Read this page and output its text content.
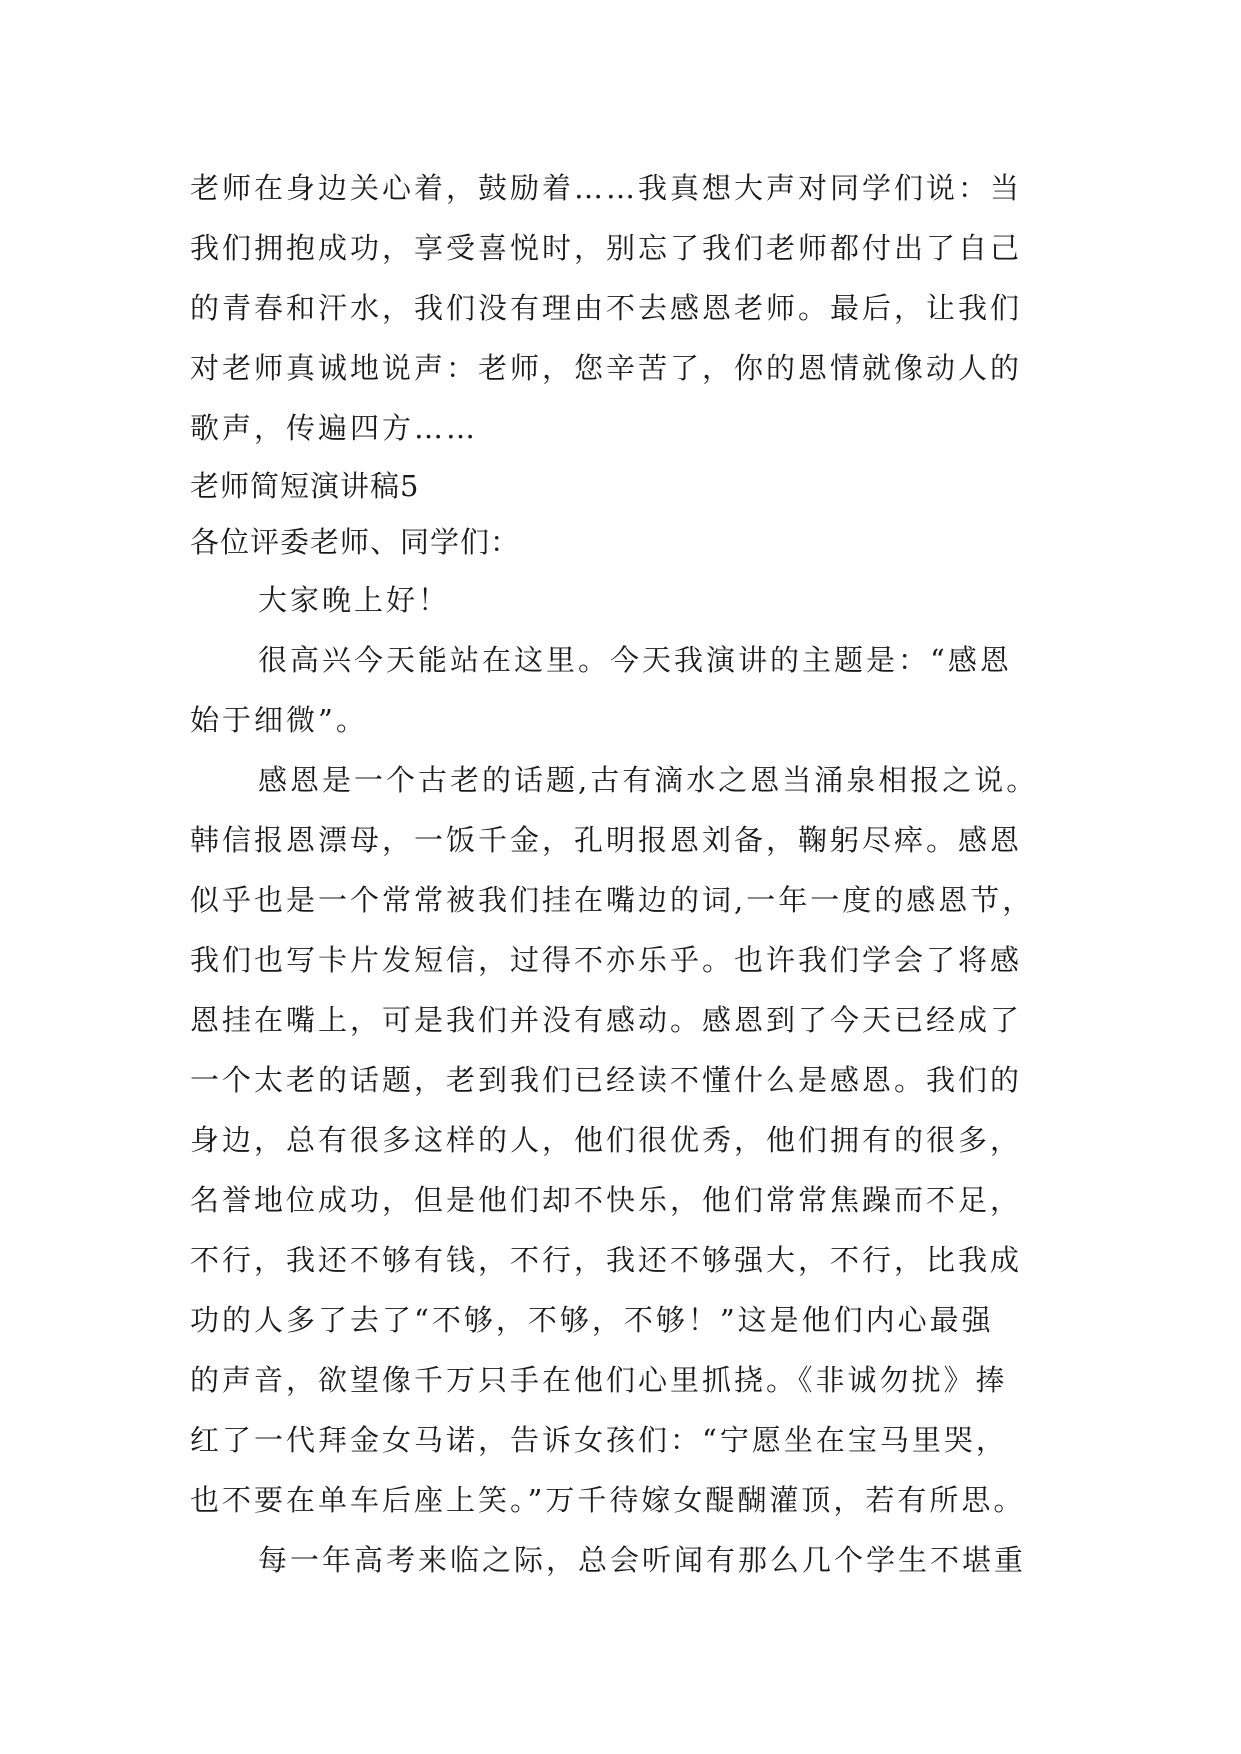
老师在身边关心着，鼓励着……我真想大声对同学们说：当
我们拥抱成功，享受喜悦时，别忘了我们老师都付出了自己
的青春和汗水，我们没有理由不去感恩老师。最后，让我们
对老师真诚地说声：老师，您辛苦了，你的恩情就像动人的
歌声，传遍四方……
老师简短演讲稿5
各位评委老师、同学们：
大家晚上好！
很高兴今天能站在这里。今天我演讲的主题是：“感恩
始于细微”。
感恩是一个古老的话题,古有滴水之恩当涌泉相报之说。
韩信报恩漂母，一饭千金，孔明报恩刘备，鞠躬尽瘁。感恩
似乎也是一个常常被我们挂在嘴边的词,一年一度的感恩节，
我们也写卡片发短信，过得不亦乐乎。也许我们学会了将感
恩挂在嘴上，可是我们并没有感动。感恩到了今天已经成了
一个太老的话题，老到我们已经读不懂什么是感恩。我们的
身边，总有很多这样的人，他们很优秀，他们拥有的很多，
名誉地位成功，但是他们却不快乐，他们常常焦躁而不足，
不行，我还不够有钱，不行，我还不够强大，不行，比我成
功的人多了去了“不够，不够，不够！”这是他们内心最强
的声音，欲望像千万只手在他们心里抓挠。《非诚勿扰》捧
红了一代拜金女马诺，告诉女孩们：“宁愿坐在宝马里哭，
也不要在单车后座上笑。”万千待嫁女醍醐灌顶，若有所思。
每一年高考来临之际，总会听闻有那么几个学生不堪重
